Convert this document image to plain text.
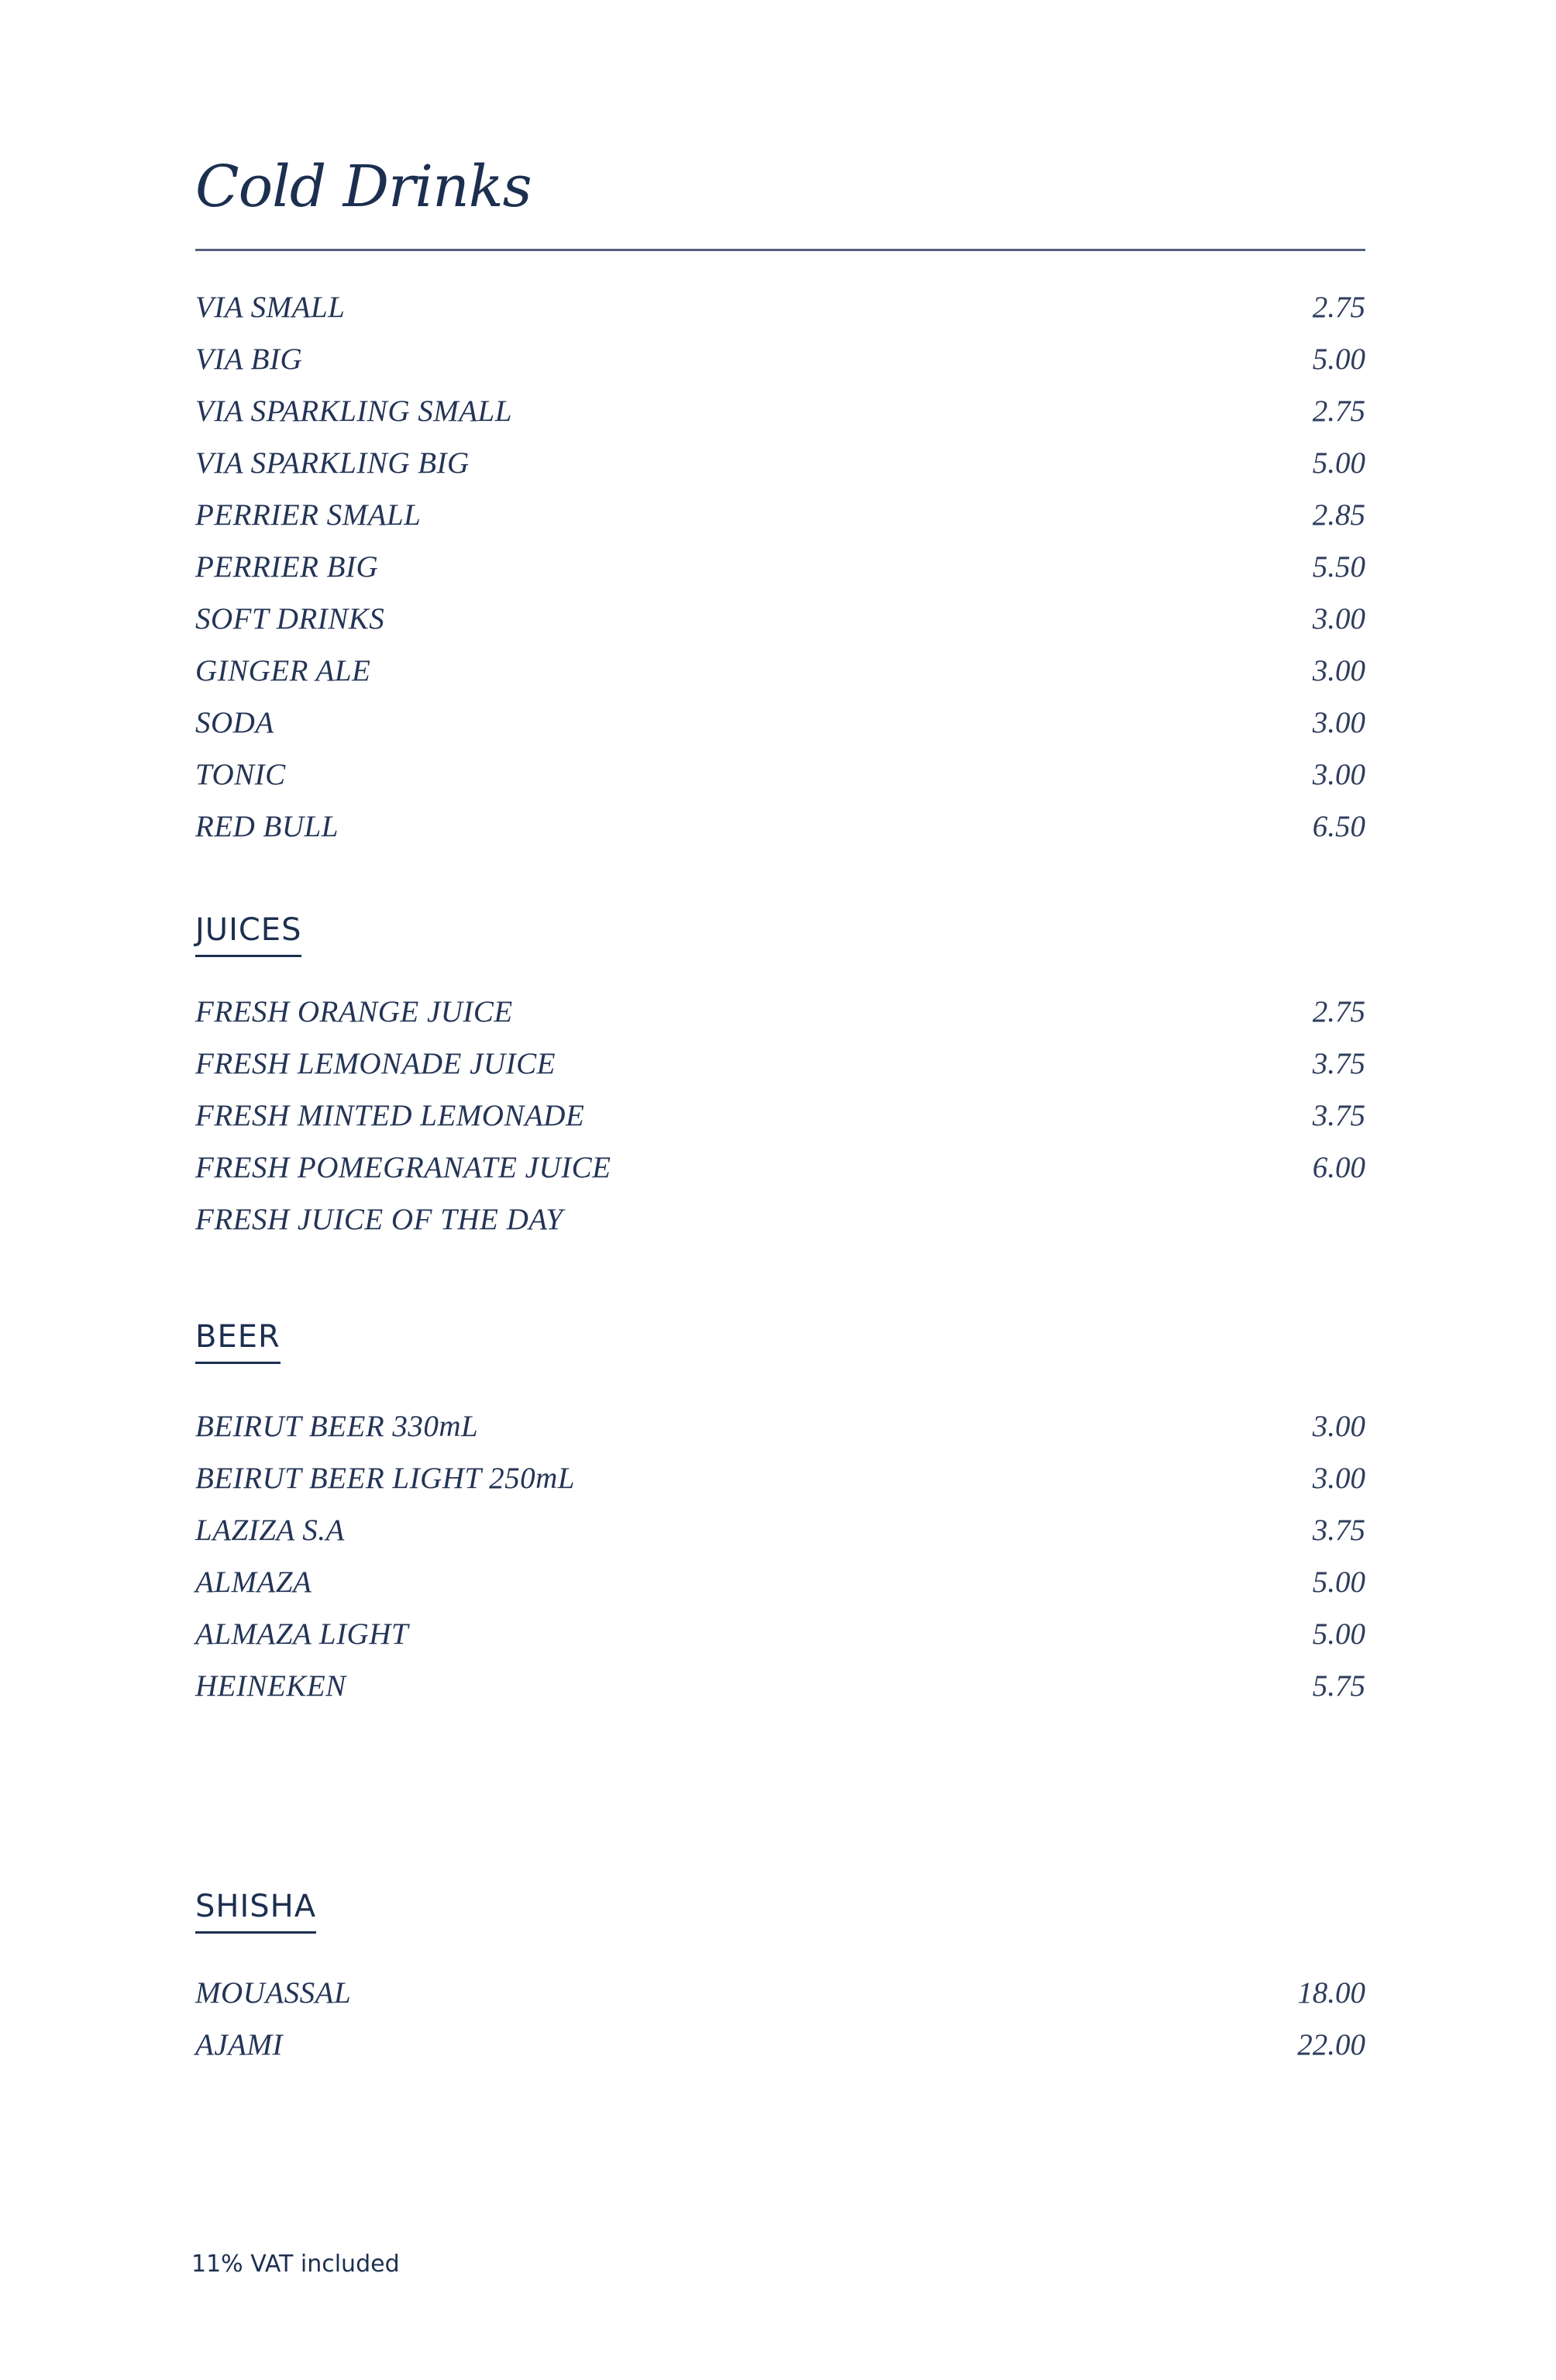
Cold Drinks
VIA SMALL	2.75
VIA BIG	5.00
VIA SPARKLING SMALL	2.75
VIA SPARKLING BIG	5.00
PERRIER SMALL	2.85
PERRIER BIG	5.50
SOFT DRINKS	3.00
GINGER ALE	3.00
SODA	3.00
TONIC	3.00
RED BULL	6.50
JUICES
FRESH ORANGE JUICE	2.75
FRESH LEMONADE JUICE	3.75
FRESH MINTED LEMONADE	3.75
FRESH POMEGRANATE JUICE	6.00
FRESH JUICE OF THE DAY
BEER
BEIRUT BEER 330mL	3.00
BEIRUT BEER LIGHT 250mL	3.00
LAZIZA S.A	3.75
ALMAZA	5.00
ALMAZA LIGHT	5.00
HEINEKEN	5.75
SHISHA
MOUASSAL	18.00
AJAMI	22.00
11% VAT included
